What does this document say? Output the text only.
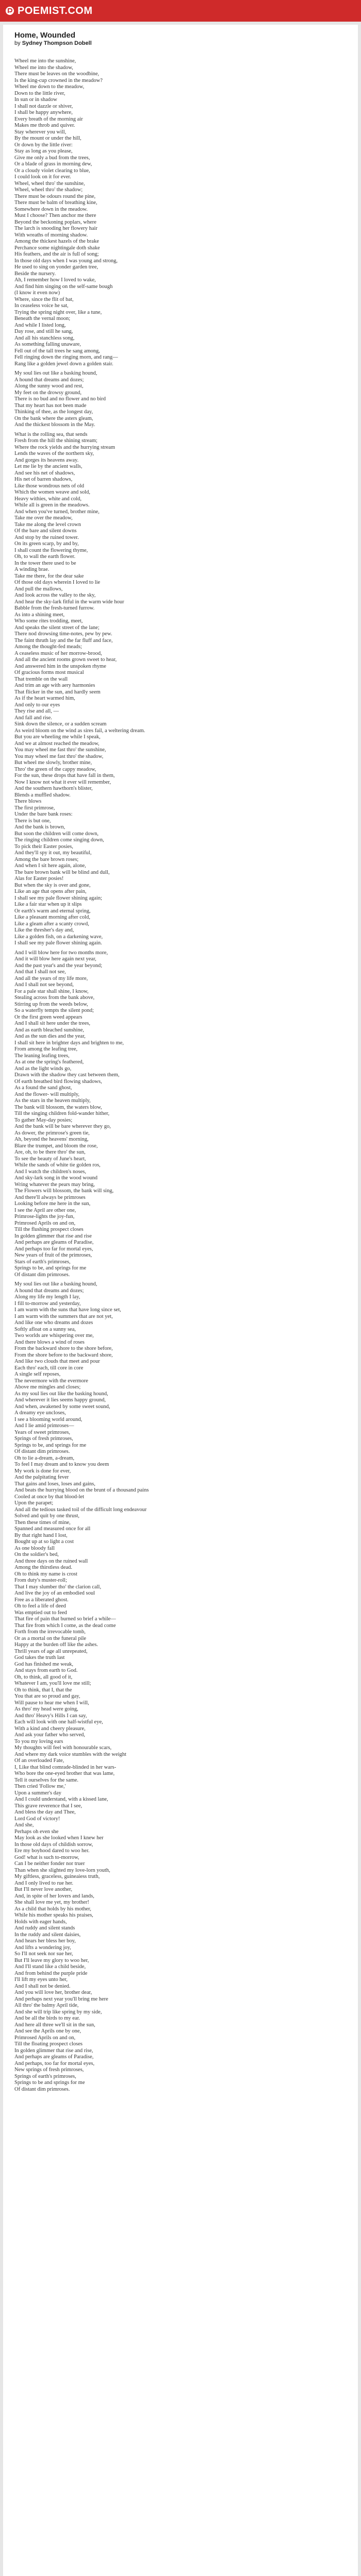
POEMIST.COM
Home, Wounded

by Sydney Thompson Dobell

Wheel me into the sunshine,
Wheel me into the shadow,
There must be leaves on the woodbine,
Is the king-cup crowned in the meadow?
Wheel me down to the meadow,
Down to the little river,
In sun or in shadow
I shall not dazzle or shiver,
I shall be happy anywhere,
Every breath of the morning air
Makes me throb and quiver.
Stay wherever you will,
By the mount or under the hill,
Or down by the little river:
Stay as long as you please,
Give me only a bud from the trees,
Or a blade of grass in morning dew,
Or a cloudy violet clearing to blue,
I could look on it for ever.
Wheel, wheel thro' the sunshine,
Wheel, wheel thro' the shadow;
There must be odours round the pine,
There must be balm of breathing kine,
Somewhere down in the meadow.
Must I choose? Then anchor me there
Beyond the beckoning poplars, where
The larch is snooding her flowery hair
With wreaths of morning shadow.
Among the thickest hazels of the brake
Perchance some nightingale doth shake
His feathers, and the air is full of song;
In those old days when I was young and strong,
He used to sing on yonder garden tree,
Beside the nursery.
Ah, I remember how I loved to wake,
And find him singing on the self-same bough
(I know it even now)
Where, since the flit of bat,
In ceaseless voice he sat,
Trying the spring night over, like a tune,
Beneath the vernal moon;
And while I listed long,
Day rose, and still he sang,
And all his stanchless song,
As something falling unaware,
Fell out of the tall trees he sang among,
Fell ringing down the ringing morn, and rang—
Rang like a golden jewel down a golden stair.
My soul lies out like a basking hound,
A hound that dreams and dozes;
Along the sunny wood and rest,
My feet on the drowsy ground,
There is no bud and no flower and no bird
That my heart has not been made
Thinking of thee, as the longest day,
On the bank where the asters gleam,
And the thickest blossom in the May.
What is the rolling sea, that sends
Fresh from the hill the shining stream;
Where the rock yields and the hurrying stream
Lends the waves of the northern sky,
And gorges its heavens away.
Let me lie by the ancient walls,
And see his net of shadows,
His net of barren shadows,
Like those wondrous nets of old
Which the women weave and sold,
Heavy withies, white and cold,
While all is green in the meadows.
And when you've turned, brother mine,
Take me over the meadow,
Take me along the level crown
Of the bare and silent downs
And stop by the ruined tower.
On its green scarp, by and by,
I shall count the flowering thyme,
Oh, to wall the earth flower.
In the tower there used to be
A winding brae.
Take me there, for the dear sake
Of those old days wherein I loved to lie
And pull the mallows,
And look across the valley to the sky,
And hear the sky-lark fitful in the warm wide hour
Babble from the fresh-turned furrow.
As into a shining meet,
Who some rites trodding, meet,
And speaks the silent street of the lane;
There nod drowsing time-notes, pew by pew.
The faint thruth lay and the far fluff and face,
Among the thought-fed meads;
A ceaseless music of her morrow-brood,
And all the ancient rooms grown sweet to hear,
And answered him in the unspoken rhyme
Of gracious forms most musical
That tremble on the wall
And trim an age with aery harmonies
That flicker in the sun, and hardly seem
As if the heart warmed him,
And only to our eyes
They rise and all, —
And fall and rise.
Sink down the silence, or a sudden scream
As weird bloom on the wind as sires fail, a weltering dream.
But you are wheeling me while I speak,
And we at almost reached the meadow,
You may wheel me fast thro' the sunshine,
You may wheel me fast thro' the shadow,
But wheel me slowly, brother mine,
Thro' the green of the cappy meadow,
For the sun, these drops that have fall in them,
Now I know not what it ever will remember,
And the southern hawthorn's blister,
Blends a muffled shadow.
There blows
The first primrose,
Under the bare bank roses:
There is but one,
And the bank is brown,
But soon the children will come down,
The ringing children come singing down,
To pick their Easter posies,
And they'll spy it out, my beautiful,
Among the bare brown roses;
And when I sit here again, alone,
The bare brown bank will be blind and dull,
Alas for Easter posies!
But when the sky is over and gone,
Like an age that opens after pain,
I shall see my pale flower shining again;
Like a fair star when up it slips
Or earth's warm and eternal spring,
Like a pleasant morning after cold,
Like a gleam after a scanty crowd,
Like the thresher's day and,
Like a golden fish, on a darkening wave,
I shall see my pale flower shining again.
And I will blow here for two months more,
And it will blow here again next year,
And the past year's and the year beyond;
And that I shall not see,
And all the years of my life more,
And I shall not see beyond,
For a pale star shall shine, I know,
Stealing across from the bank above,
Stirring up from the weeds below,
So a waterfly tempts the silent pond;
Or the first green weed appears
And I shall sit here under the trees,
And as earth bleached sunshine,
And as the sun dies and the year,
I shall sit here in brighter days and brighten to me,
From among the leafing tree,
The leaning leafing trees,
As at one the spring's feathered,
And as the light winds go,
Drawn with the shadow they cast between them,
Of earth breathed bird flowing shadows,
As a found the sand ghost,
And the flower- will multiply,
As the stars in the heaven multiply,
The bank will blossom, the waters blow,
Till the singing children fold-wander hither,
To gather May-day posies;
And the bank will be bare wherever they go,
As dower, the primrose's green tie,
Ah, beyond the heavens' morning,
Blare the trumpet, and bloom the rose,
Are, oh, to be there thro' the sun,
To see the beauty of June's heart,
While the sands of white tie golden ros,
And I watch the children's noses,
And sky-lark song in the wood wound
Wring whatever the pears may bring,
The Flowers will blossom, the bank will sing,
And there'll always be primroses
Looking before me here in the sun,
I see the April are other one,
Primrose-lights the joy-fun,
Primrosed Aprils on and on,
Till the flushing prospect closes
In golden glimmer that rise and rise
And perhaps are gleams of Paradise,
And perhaps too far for mortal eyes,
New years of fruit of the primroses,
Stars of earth's primroses,
Springs to be, and springs for me
Of distant dim primroses.
My soul lies out like a basking hound,
A hound that dreams and dozes;
Along my life my length I lay,
I fill to-morrow and yesterday,
I am warm with the suns that have long since set,
I am warm with the summers that are not yet,
And like one who dreams and dozes
Softly afloat on a sunny sea,
Two worlds are whispering over me,
And there blows a wind of roses
From the backward shore to the shore before,
From the shore before to the backward shore,
And like two clouds that meet and pour
Each thro' each, till core in core
A single self reposes,
The nevermore with the evermore
Above me mingles and closes;
As my soul lies out like the basking hound,
And wherever it lies seems happy ground,
And when, awakened by some sweet sound,
A dreamy eye uncloses,
I see a blooming world around,
And I lie amid primroses—
Years of sweet primroses,
Springs of fresh primroses,
Springs to be, and springs for me
Of distant dim primroses.
Oh to lie a-dream, a-dream,
To feel I may dream and to know you deem
My work is done for ever,
And the palpitating fever
That gains and loses, loses and gains,
And beats the hurrying blood on the brunt of a thousand pains
Cooled at once by that blood-let
Upon the parapet;
And all the tedious tasked toil of the difficult long endeavour
Solved and quit by one thrust,
Then these times of mine,
Spanned and measured once for all
By that right hand I lost,
Bought up at so light a cost
As one bloody fall
On the soldier's bed,
And three days on the ruined wall
Among the thirstless dead.
Oh to think my name is crost
From duty's muster-roll;
That I may slumber tho' the clarion call,
And live the joy of an embodied soul
Free as a liberated ghost.
Oh to feel a life of deed
Was emptied out to feed
That fire of pain that burned so brief a while—
That fire from which I come, as the dead come
Forth from the irrevocable tomb,
Or as a mortal on the funeral pile
Happy at the burden off like the ashes.
Thrill years of age all unrepeated,
God takes the truth last
God has finished me weak,
And stays from earth to God.
Oh, to think, all good of it,
Whatever I am, you'll love me still;
Oh to think, that I, that the
You that are so proud and gay,
Will pause to hear me when I will,
As thro' my head were going,
And thro' Heavy's Hills I can say,
Each will look with one half-wistful eye,
With a kind and cheery pleasure,
And ask your father who served,
To you my loving ears
My thoughts will feel with honourable scars,
And where my dark voice stumbles with the weight
Of an overloaded Fate,
I, Like that blind comrade-blinded in her wars-
Who bore the one-eyed brother that was lame,
Tell it ourselves for the same.
Then cried 'Follow me,'
Upon a summer's day
And I could understand, with a kissed lane,
This grave reverence that I see,
And bless the day and Thee,
Lord God of victory!
And she,
Perhaps oh even she
May look as she looked when I knew her
In those old days of childish sorrow,
Ere my boyhood dared to woo her.
God! what is such to-morrow,
Can I be neither fonder nor truer
Than when she slighted my love-lorn youth,
My giftless, graceless, guineaiess truth,
And I only lived to rue her.
But I'll never love another,
And, in spite of her lovers and lands,
She shall love me yet, my brother!
As a child that holds by his mother,
While his mother speaks his praises,
Holds with eager hands,
And ruddy and silent stands
In the ruddy and silent daisies,
And hears her bless her boy,
And lifts a wondering joy,
So I'll not seek nor sue her,
But I'll leave my glory to woo her,
And I'll stand like a child beside,
And from behind the purple pride
I'll lift my eyes unto her,
And I shall not be denied.
And you will love her, brother dear,
And perhaps next year you'll bring me here
All thro' the balmy April tide,
And she will trip like spring by my side,
And be all the birds to my ear.
And here all three we'll sit in the sun,
And see the Aprils one by one,
Primrosed Aprils on and on,
Till the floating prospect closes
In golden glimmer that rise and rise,
And perhaps are gleams of Paradise,
And perhaps, too far for mortal eyes,
New springs of fresh primroses,
Springs of earth's primroses,
Springs to be and springs for me
Of distant dim primroses.
